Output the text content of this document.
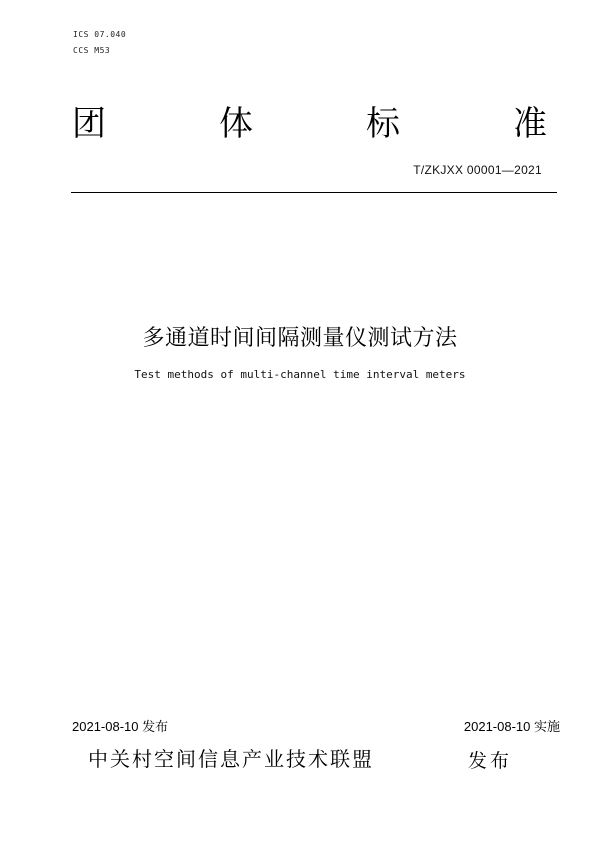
ICS 07.040
CCS M53
团	体	标	准
T/ZKJXX 00001—2021
多通道时间间隔测量仪测试方法
Test methods of multi-channel time interval meters
2021-08-10 发布	2021-08-10 实施
中关村空间信息产业技术联盟	发布
